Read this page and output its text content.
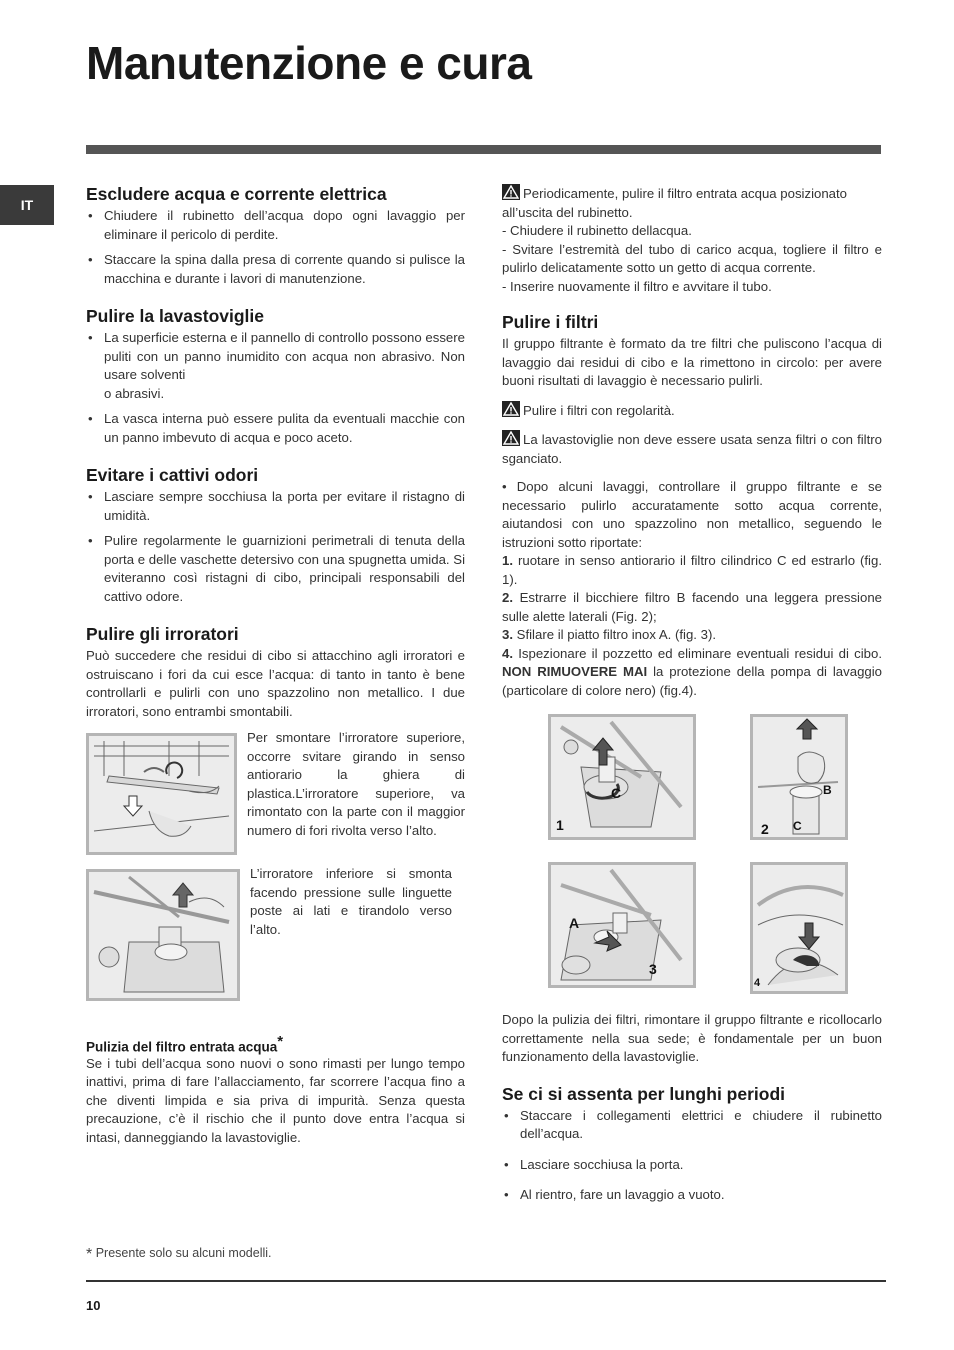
Manutenzione e cura
IT
Escludere acqua e corrente elettrica
• Chiudere il rubinetto dell’acqua dopo ogni lavaggio per eliminare il pericolo di perdite.
• Staccare la spina dalla presa di corrente quando si pulisce la macchina e durante i lavori di manutenzione.
Pulire la lavastoviglie
• La superficie esterna e il pannello di controllo possono essere puliti con un panno inumidito con acqua non abrasivo. Non usare solventi
o abrasivi.
• La vasca interna può essere pulita da eventuali macchie con un panno imbevuto di acqua e poco aceto.
Evitare i cattivi odori
• Lasciare sempre socchiusa la porta per evitare il ristagno di umidità.
• Pulire regolarmente le guarnizioni perimetrali di tenuta della porta e delle vaschette detersivo con una spugnetta umida. Si eviteranno così ristagni di cibo, principali responsabili del cattivo odore.
Pulire gli irroratori

Può succedere che residui di cibo si attacchino agli irroratori e ostruiscano i fori da cui esce l’acqua: di tanto in tanto è bene controllarli e pulirli con uno spazzolino non metallico. I due irroratori, sono entrambi smontabili.

Per smontare l’irroratore superiore, occorre svitare girando in senso antiorario la ghiera di plastica.L’irroratore superiore, va rimontato con la parte con il maggior numero di fori rivolta verso l’alto.
L’irroratore inferiore si smonta facendo pressione sulle linguette poste ai lati e tirandolo verso l’alto.
Pulizia del filtro entrata acqua*

Se i tubi dell’acqua sono nuovi o sono rimasti per lungo tempo inattivi, prima di fare l’allacciamento, far scorrere l’acqua fino a che diventi limpida e sia priva di impurità. Senza questa precauzione, c’è il rischio che il punto dove entra l’acqua si intasi, danneggiando la lavastoviglie.

Periodicamente, pulire il filtro entrata acqua posizionato all’uscita del rubinetto.

- Chiudere il rubinetto dellacqua.

- Svitare l’estremità del tubo di carico acqua, togliere il filtro e pulirlo delicatamente sotto un getto di acqua corrente.

- Inserire nuovamente il filtro e avvitare il tubo.

Pulire i filtri

Il gruppo filtrante è formato da tre filtri che puliscono l’acqua di lavaggio dai residui di cibo e la rimettono in circolo: per avere buoni risultati di lavaggio è necessario pulirli.

Pulire i filtri con regolarità.

La lavastoviglie non deve essere usata senza filtri o con filtro sganciato.

• Dopo alcuni lavaggi, controllare il gruppo filtrante e se necessario pulirlo accuratamente sotto acqua corrente, aiutandosi con uno spazzolino non metallico, seguendo le istruzioni sotto riportate:

1. ruotare in senso antiorario il filtro cilindrico C ed estrarlo (fig. 1).

2. Estrarre il bicchiere filtro B facendo una leggera pressione sulle alette laterali (Fig. 2);

3. Sfilare il piatto filtro inox A. (fig. 3).

4. Ispezionare il pozzetto ed eliminare eventuali residui di cibo. NON RIMUOVERE MAI la protezione della pompa di lavaggio (particolare di colore nero) (fig.4).

1
C
2
B
C
A
3
4

Dopo la pulizia dei filtri, rimontare il gruppo filtrante e ricollocarlo correttamente nella sua sede; è fondamentale per un buon funzionamento della lavastoviglie.

Se ci si assenta per lunghi periodi
• Staccare i collegamenti elettrici e chiudere il rubinetto dell’acqua.
• Lasciare socchiusa la porta.
• Al rientro, fare un lavaggio a vuoto.
* Presente solo su alcuni modelli.
10
